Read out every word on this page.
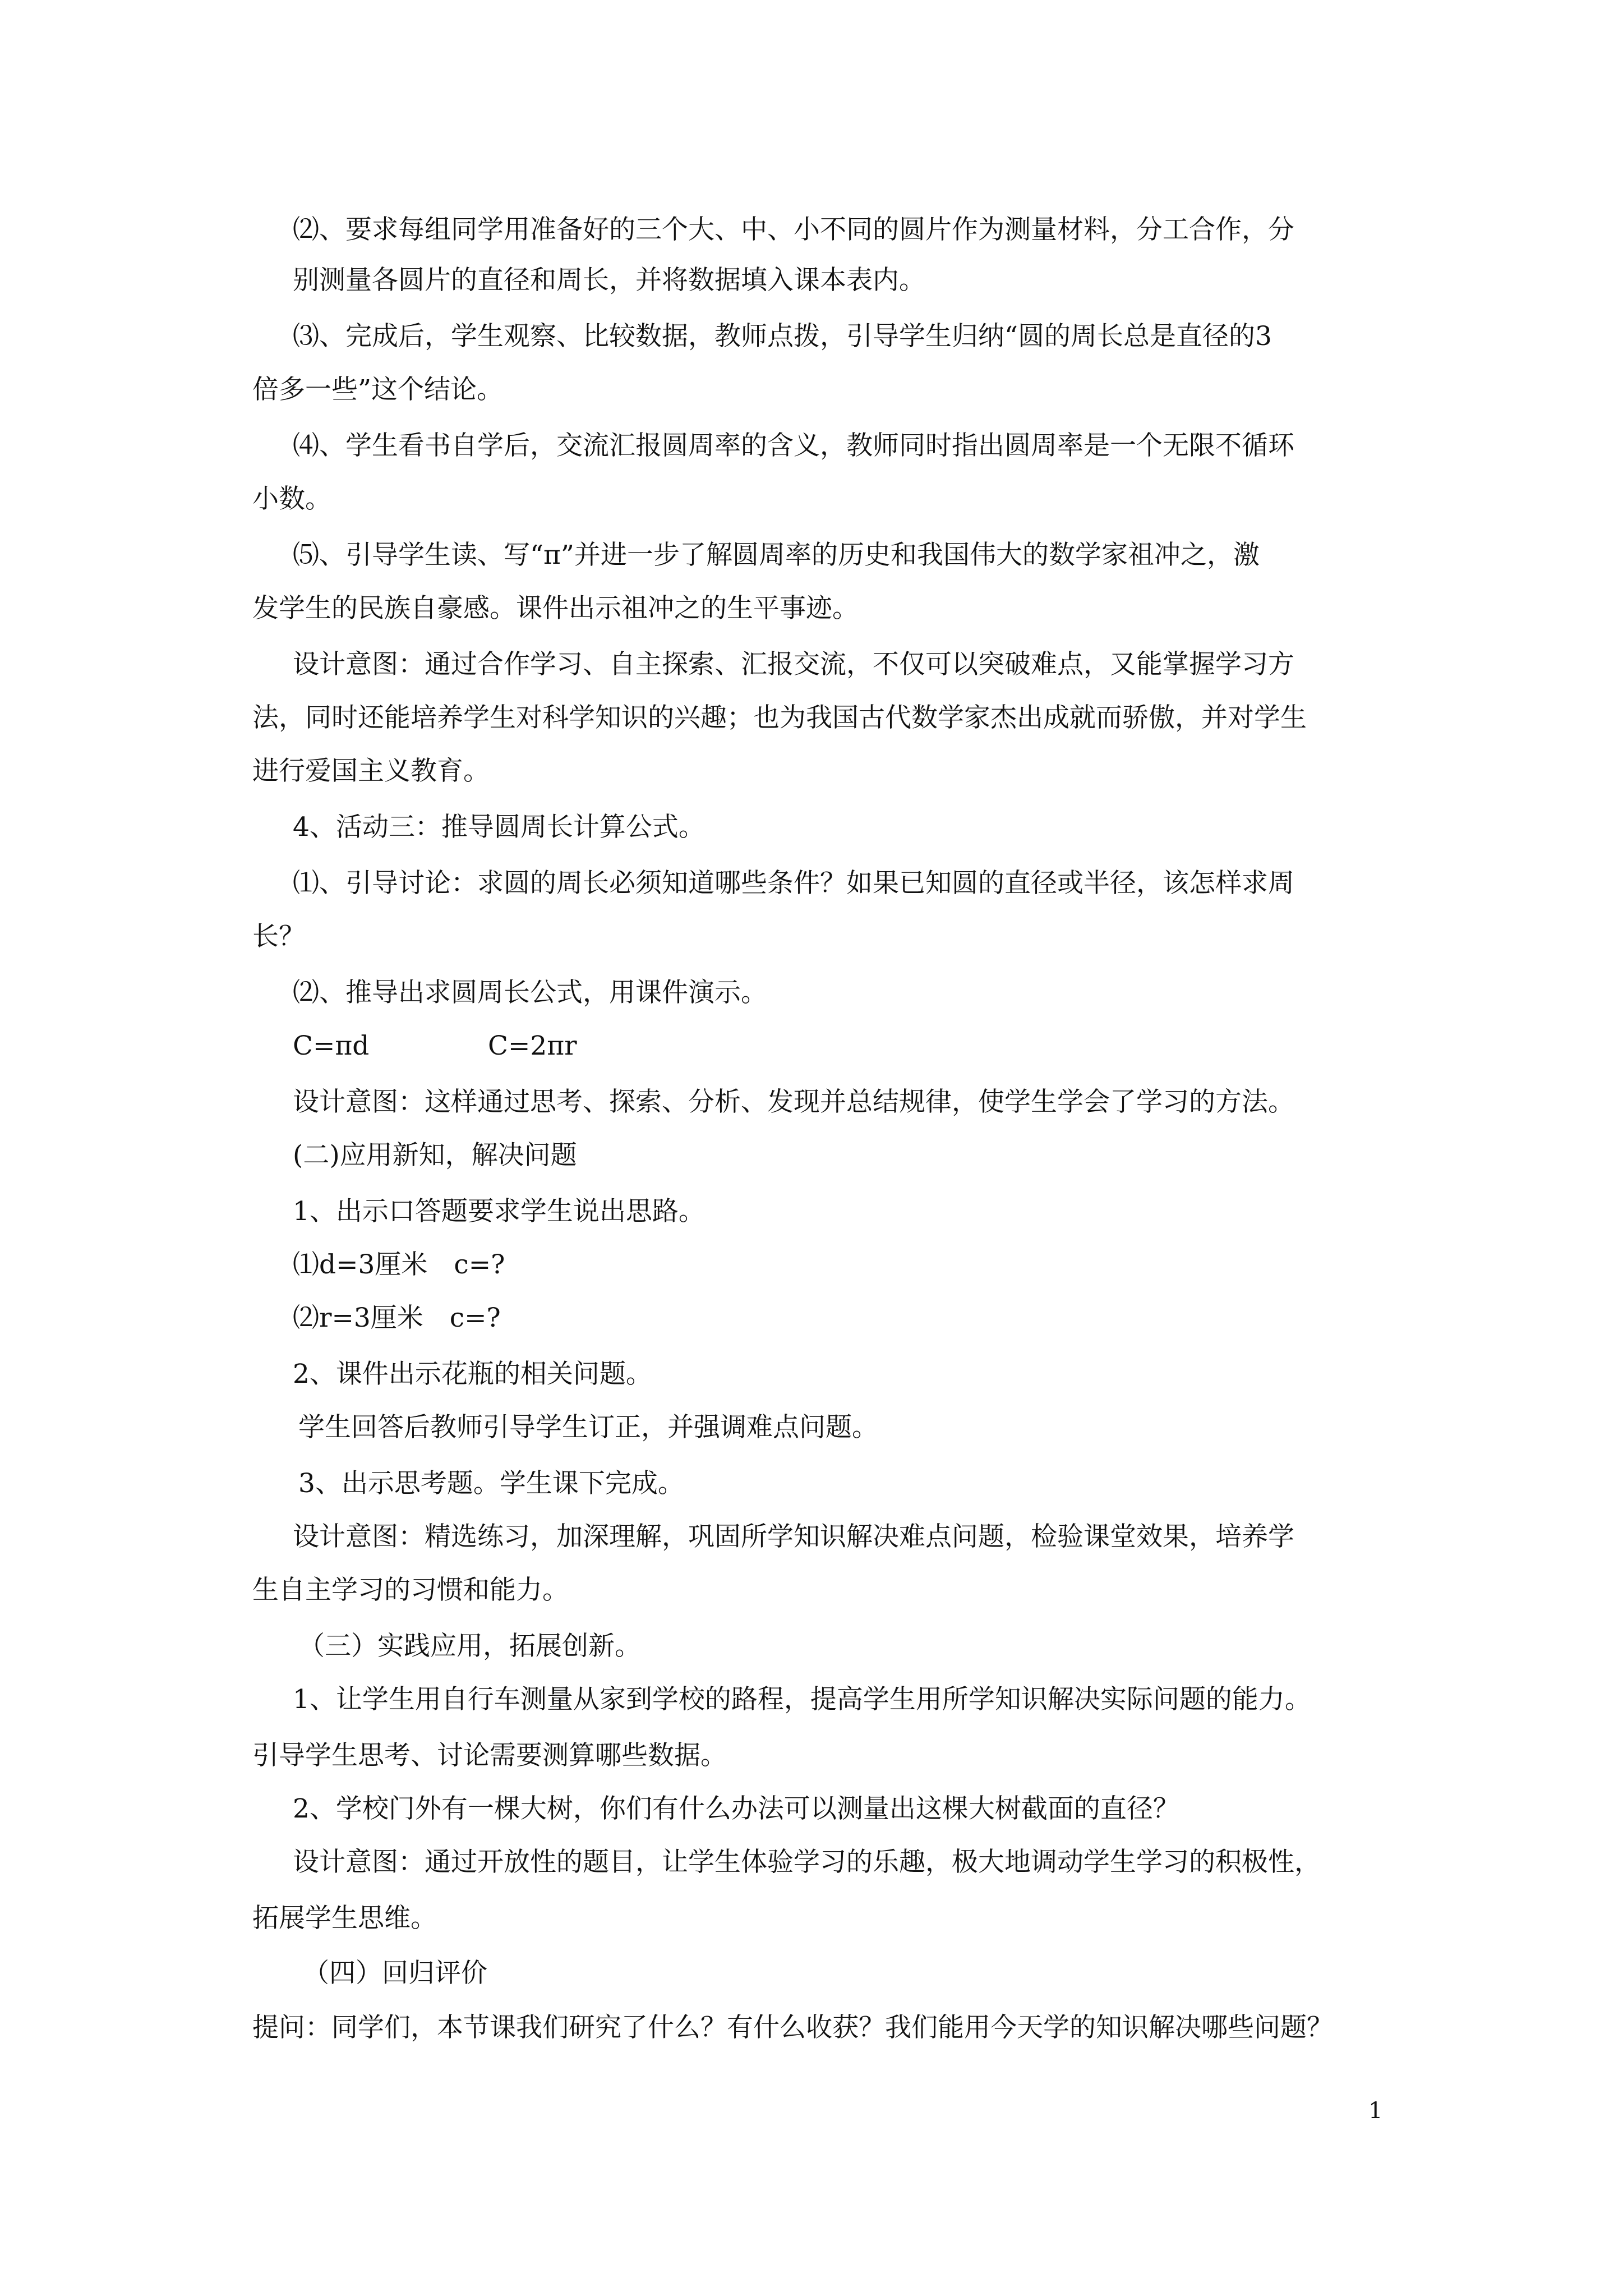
⑵、要求每组同学用准备好的三个大、中、小不同的圆片作为测量材料，分工合作，分
别测量各圆片的直径和周长，并将数据填入课本表内。
⑶、完成后，学生观察、比较数据，教师点拨，引导学生归纳“圆的周长总是直径的3
倍多一些”这个结论。
⑷、学生看书自学后，交流汇报圆周率的含义，教师同时指出圆周率是一个无限不循环
小数。
⑸、引导学生读、写“π”并进一步了解圆周率的历史和我国伟大的数学家祖冲之，激
发学生的民族自豪感。课件出示祖冲之的生平事迹。
设计意图：通过合作学习、自主探索、汇报交流，不仅可以突破难点，又能掌握学习方
法，同时还能培养学生对科学知识的兴趣；也为我国古代数学家杰出成就而骄傲，并对学生
进行爱国主义教育。
4、活动三：推导圆周长计算公式。
⑴、引导讨论：求圆的周长必须知道哪些条件？如果已知圆的直径或半径，该怎样求周
长？
⑵、推导出求圆周长公式，用课件演示。
C=πd	C=2πr
设计意图：这样通过思考、探索、分析、发现并总结规律，使学生学会了学习的方法。
(二)应用新知，解决问题
1、出示口答题要求学生说出思路。
⑴d=3厘米　c=?
⑵r=3厘米　c=?
2、课件出示花瓶的相关问题。
学生回答后教师引导学生订正，并强调难点问题。
3、出示思考题。学生课下完成。
设计意图：精选练习，加深理解，巩固所学知识解决难点问题，检验课堂效果，培养学
生自主学习的习惯和能力。
（三）实践应用，拓展创新。
1、让学生用自行车测量从家到学校的路程，提高学生用所学知识解决实际问题的能力。
引导学生思考、讨论需要测算哪些数据。
2、学校门外有一棵大树，你们有什么办法可以测量出这棵大树截面的直径？
设计意图：通过开放性的题目，让学生体验学习的乐趣，极大地调动学生学习的积极性，
拓展学生思维。
（四）回归评价
提问：同学们，本节课我们研究了什么？有什么收获？我们能用今天学的知识解决哪些问题？
1
